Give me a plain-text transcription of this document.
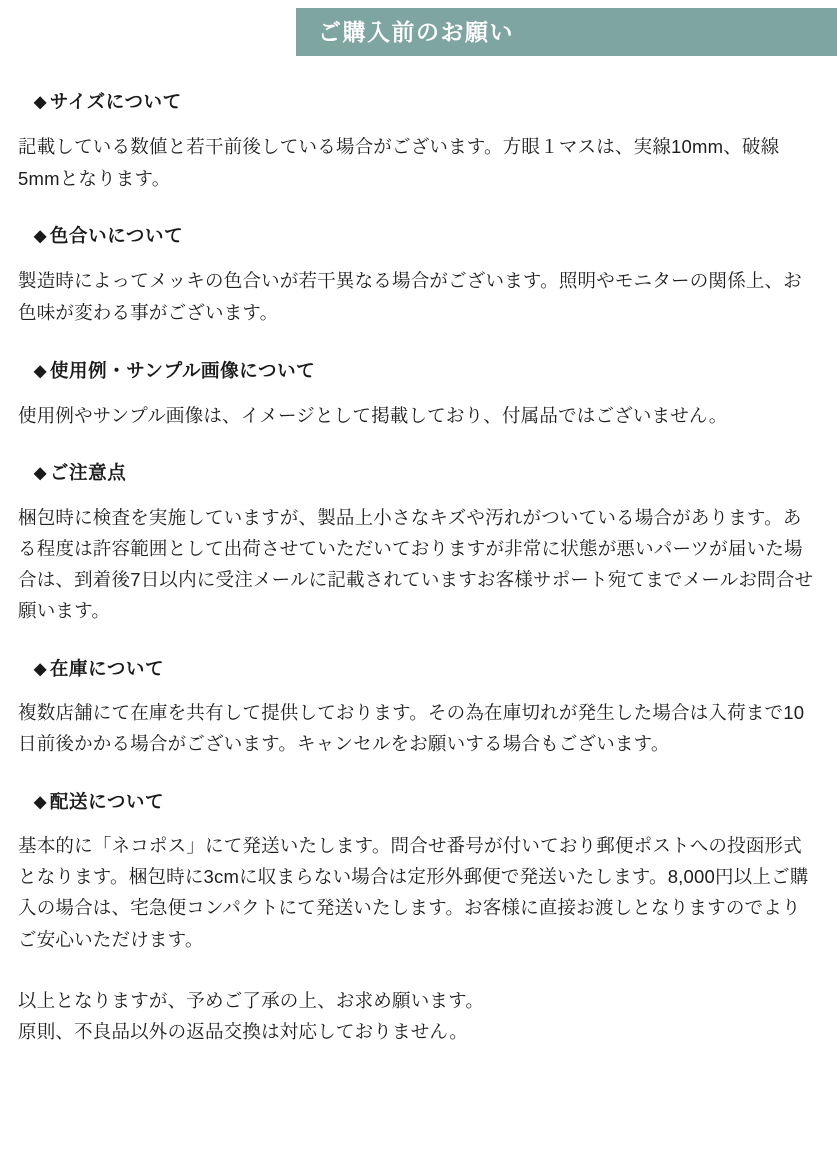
ご購入前のお願い
◆ サイズについて
記載している数値と若干前後している場合がございます。方眼１マスは、実線10mm、破線5mmとなります。
◆ 色合いについて
製造時によってメッキの色合いが若干異なる場合がございます。照明やモニターの関係上、お色味が変わる事がございます。
◆ 使用例・サンプル画像について
使用例やサンプル画像は、イメージとして掲載しており、付属品ではございません。
◆ ご注意点
梱包時に検査を実施していますが、製品上小さなキズや汚れがついている場合があります。ある程度は許容範囲として出荷させていただいておりますが非常に状態が悪いパーツが届いた場合は、到着後7日以内に受注メールに記載されていますお客様サポート宛てまでメールお問合せ願います。
◆ 在庫について
複数店舗にて在庫を共有して提供しております。その為在庫切れが発生した場合は入荷まで10日前後かかる場合がございます。キャンセルをお願いする場合もございます。
◆ 配送について
基本的に「ネコポス」にて発送いたします。問合せ番号が付いており郵便ポストへの投函形式となります。梱包時に3cmに収まらない場合は定形外郵便で発送いたします。8,000円以上ご購入の場合は、宅急便コンパクトにて発送いたします。お客様に直接お渡しとなりますのでよりご安心いただけます。
以上となりますが、予めご了承の上、お求め願います。
原則、不良品以外の返品交換は対応しておりません。
